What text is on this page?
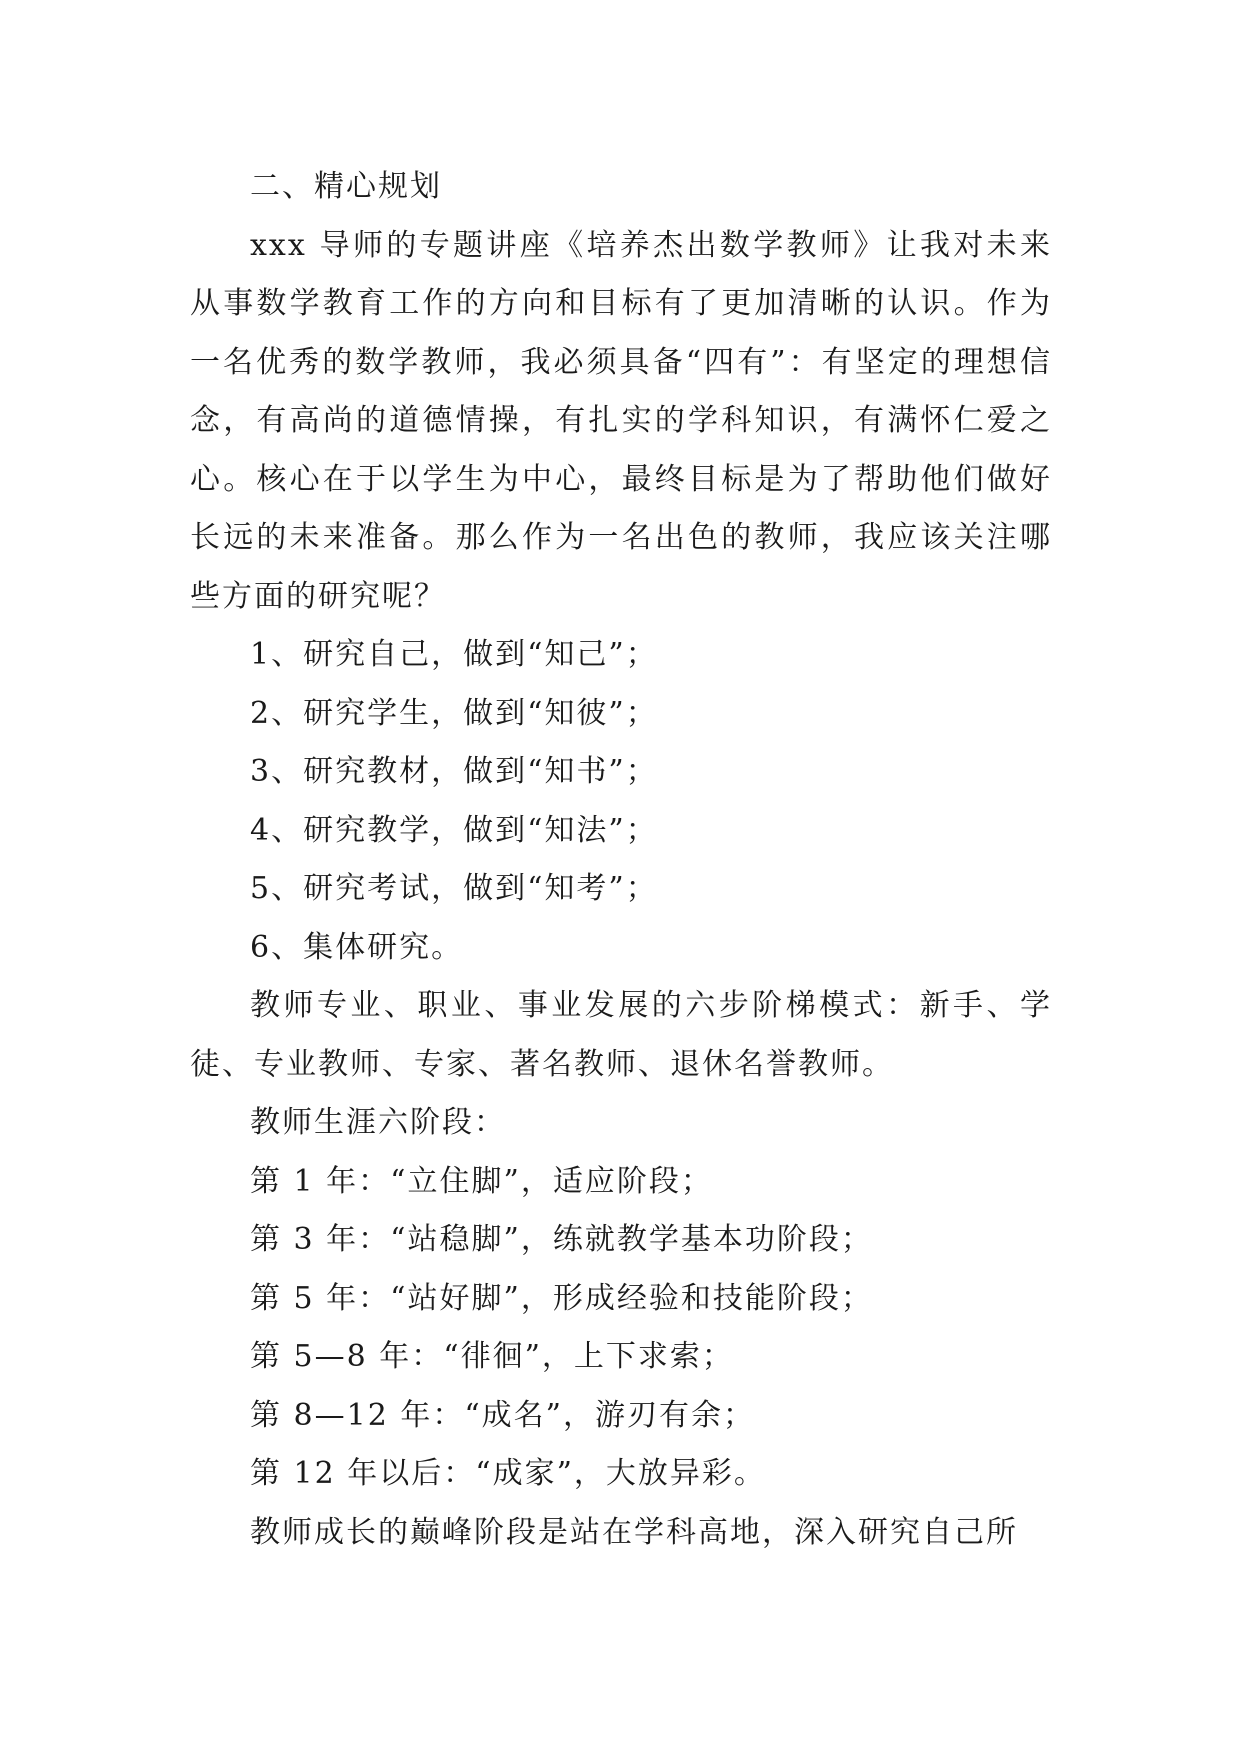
二、精心规划

xxx 导师的专题讲座《培养杰出数学教师》让我对未来从事数学教育工作的方向和目标有了更加清晰的认识。作为一名优秀的数学教师，我必须具备“四有”：有坚定的理想信念，有高尚的道德情操，有扎实的学科知识，有满怀仁爱之心。核心在于以学生为中心，最终目标是为了帮助他们做好长远的未来准备。那么作为一名出色的教师，我应该关注哪些方面的研究呢？

1、研究自己，做到“知己”；

2、研究学生，做到“知彼”；

3、研究教材，做到“知书”；

4、研究教学，做到“知法”；

5、研究考试，做到“知考”；

6、集体研究。

教师专业、职业、事业发展的六步阶梯模式：新手、学徒、专业教师、专家、著名教师、退休名誉教师。

教师生涯六阶段：

第 1 年：“立住脚”，适应阶段；

第 3 年：“站稳脚”，练就教学基本功阶段；

第 5 年：“站好脚”，形成经验和技能阶段；

第 5—8 年：“徘徊”，上下求索；

第 8—12 年：“成名”，游刃有余；

第 12 年以后：“成家”，大放异彩。

教师成长的巅峰阶段是站在学科高地，深入研究自己所
